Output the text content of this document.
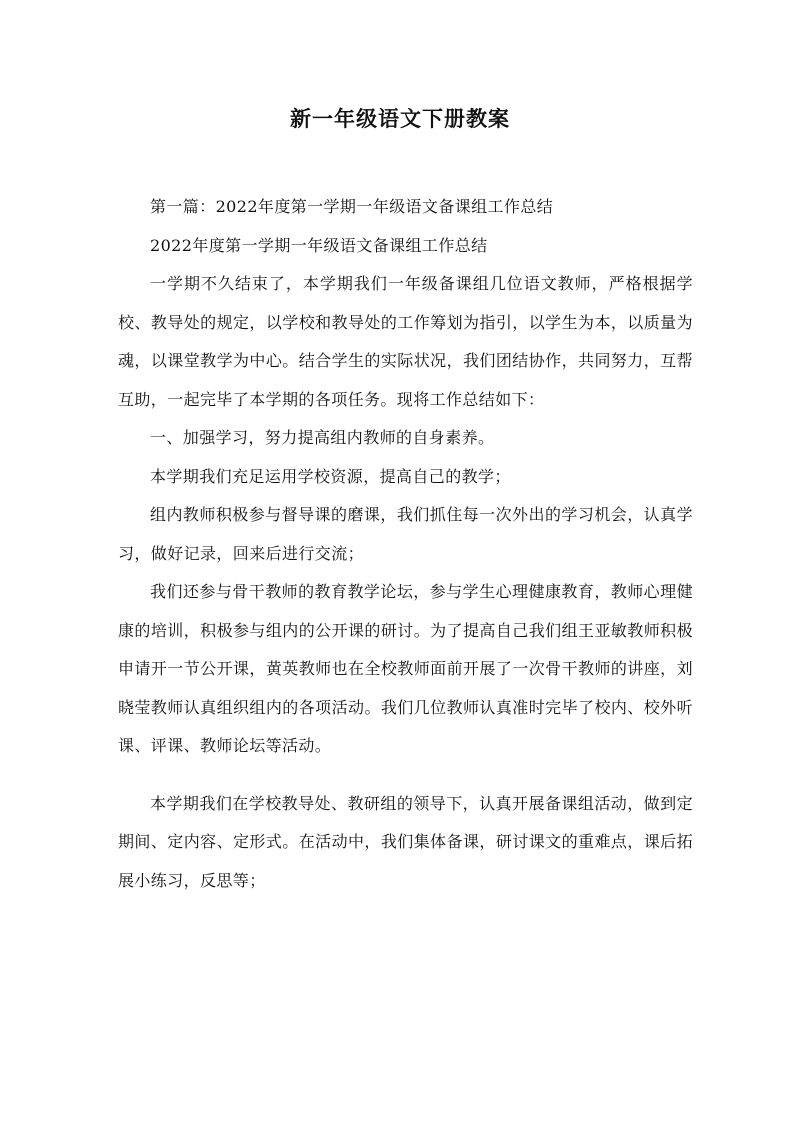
新一年级语文下册教案

第一篇：2022年度第一学期一年级语文备课组工作总结

2022年度第一学期一年级语文备课组工作总结

一学期不久结束了，本学期我们一年级备课组几位语文教师，严格根据学校、教导处的规定，以学校和教导处的工作筹划为指引，以学生为本，以质量为魂，以课堂教学为中心。结合学生的实际状况，我们团结协作，共同努力，互帮互助，一起完毕了本学期的各项任务。现将工作总结如下：

一、加强学习，努力提高组内教师的自身素养。

本学期我们充足运用学校资源，提高自己的教学；

组内教师积极参与督导课的磨课，我们抓住每一次外出的学习机会，认真学习，做好记录，回来后进行交流；

我们还参与骨干教师的教育教学论坛，参与学生心理健康教育，教师心理健康的培训，积极参与组内的公开课的研讨。为了提高自己我们组王亚敏教师积极申请开一节公开课，黄英教师也在全校教师面前开展了一次骨干教师的讲座，刘晓莹教师认真组织组内的各项活动。我们几位教师认真准时完毕了校内、校外听课、评课、教师论坛等活动。

本学期我们在学校教导处、教研组的领导下，认真开展备课组活动，做到定期间、定内容、定形式。在活动中，我们集体备课，研讨课文的重难点，课后拓展小练习，反思等；
